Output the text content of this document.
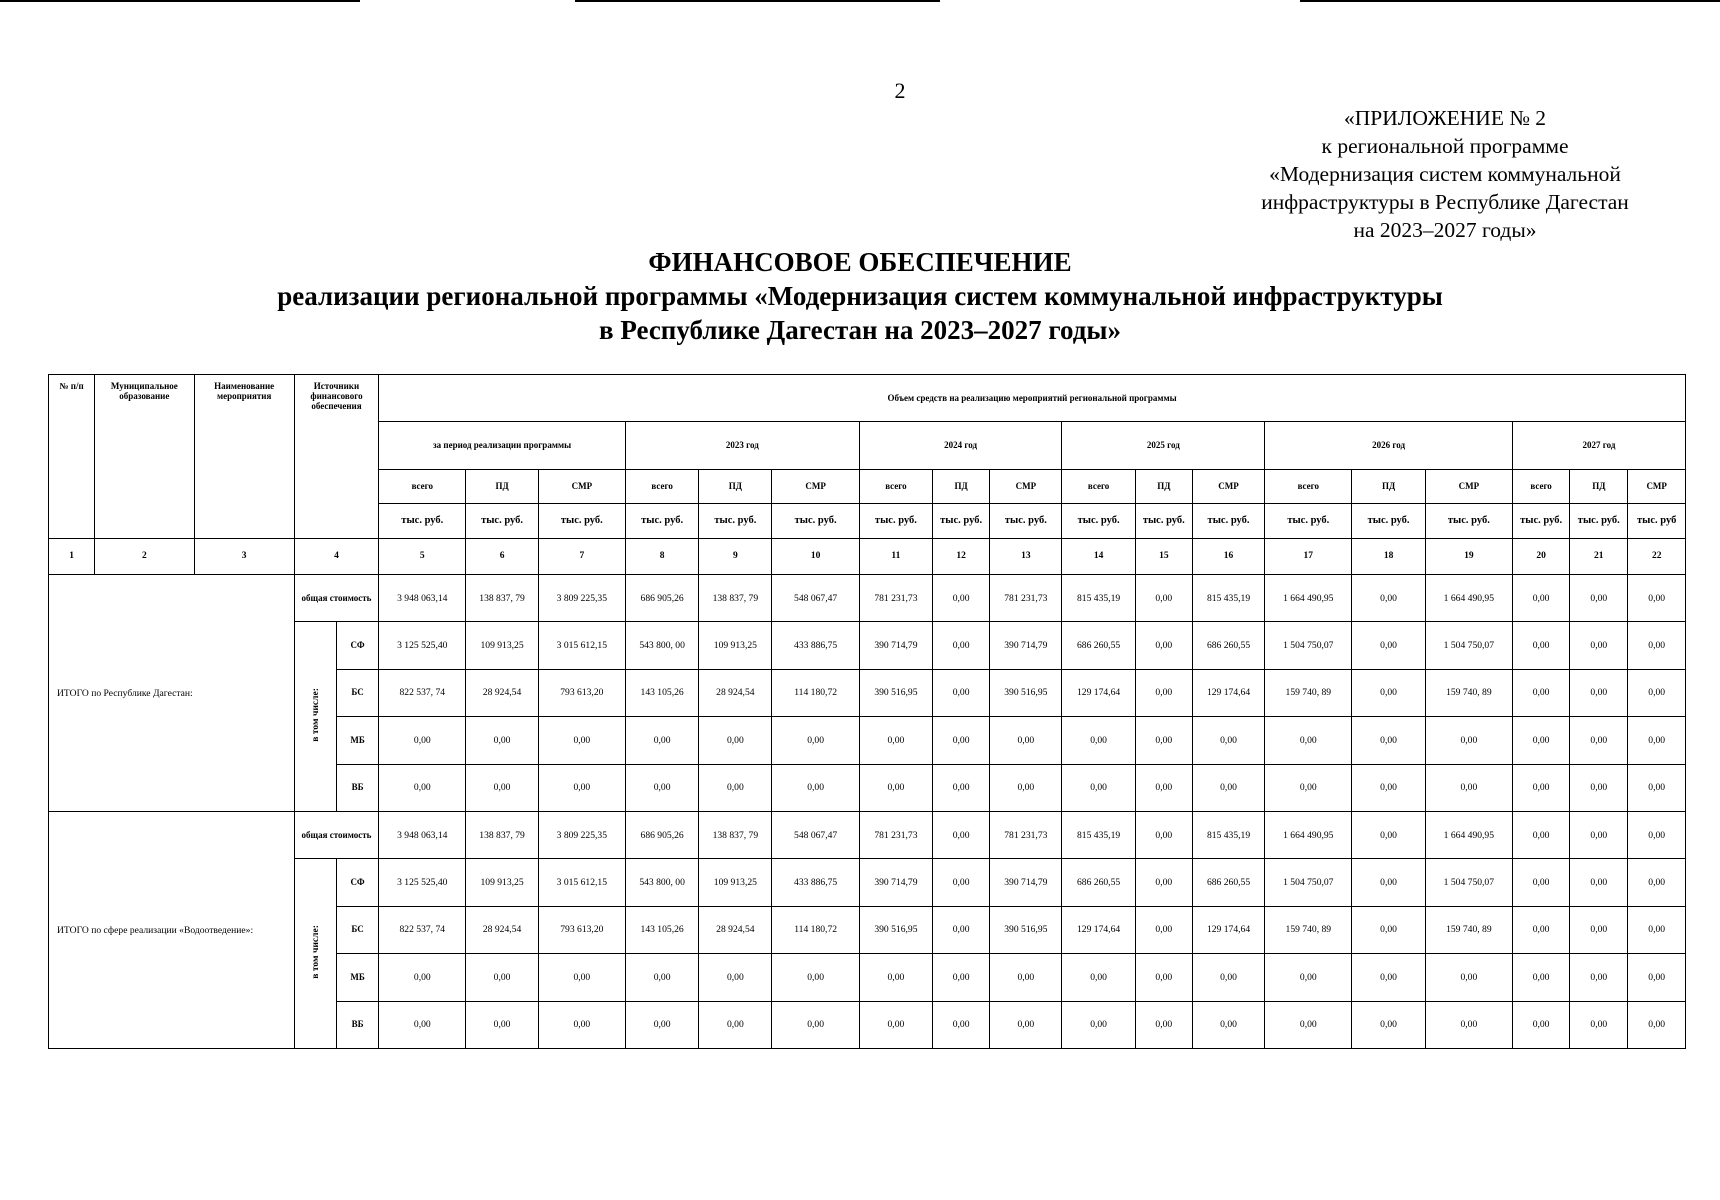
2
«ПРИЛОЖЕНИЕ № 2
к региональной программе
«Модернизация систем коммунальной
инфраструктуры в Республике Дагестан
на 2023–2027 годы»
ФИНАНСОВОЕ ОБЕСПЕЧЕНИЕ
реализации региональной программы «Модернизация систем коммунальной инфраструктуры
в Республике Дагестан на 2023–2027 годы»
№ п/п	Муниципальное образование	Наименование мероприятия	Источники финансового обеспечения		Объем средств на реализацию мероприятий региональной программы																	
					за период реализации программы			2023 год			2024 год			2025 год			2026 год			2027 год		
					всего	ПД	СМР	всего	ПД	СМР	всего	ПД	СМР	всего	ПД	СМР	всего	ПД	СМР	всего	ПД	СМР
					тыс. руб.	тыс. руб.	тыс. руб.	тыс. руб.	тыс. руб.	тыс. руб.	тыс. руб.	тыс. руб.	тыс. руб.	тыс. руб.	тыс. руб.	тыс. руб.	тыс. руб.	тыс. руб.	тыс. руб.	тыс. руб.	тыс. руб.	тыс. руб
1	2	3	4		5	6	7	8	9	10	11	12	13	14	15	16	17	18	19	20	21	22
ИТОГО по Республике Дагестан:			общая стоимость		3 948 063,14	138 837, 79	3 809 225,35	686 905,26	138 837, 79	548 067,47	781 231,73	0,00	781 231,73	815 435,19	0,00	815 435,19	1 664 490,95	0,00	1 664 490,95	0,00	0,00	0,00
			в том числе:	СФ	3 125 525,40	109 913,25	3 015 612,15	543 800, 00	109 913,25	433 886,75	390 714,79	0,00	390 714,79	686 260,55	0,00	686 260,55	1 504 750,07	0,00	1 504 750,07	0,00	0,00	0,00
				БС	822 537, 74	28 924,54	793 613,20	143 105,26	28 924,54	114 180,72	390 516,95	0,00	390 516,95	129 174,64	0,00	129 174,64	159 740, 89	0,00	159 740, 89	0,00	0,00	0,00
				МБ	0,00	0,00	0,00	0,00	0,00	0,00	0,00	0,00	0,00	0,00	0,00	0,00	0,00	0,00	0,00	0,00	0,00	0,00
				ВБ	0,00	0,00	0,00	0,00	0,00	0,00	0,00	0,00	0,00	0,00	0,00	0,00	0,00	0,00	0,00	0,00	0,00	0,00
ИТОГО по сфере реализации «Водоотведение»:			общая стоимость		3 948 063,14	138 837, 79	3 809 225,35	686 905,26	138 837, 79	548 067,47	781 231,73	0,00	781 231,73	815 435,19	0,00	815 435,19	1 664 490,95	0,00	1 664 490,95	0,00	0,00	0,00
			в том числе:	СФ	3 125 525,40	109 913,25	3 015 612,15	543 800, 00	109 913,25	433 886,75	390 714,79	0,00	390 714,79	686 260,55	0,00	686 260,55	1 504 750,07	0,00	1 504 750,07	0,00	0,00	0,00
				БС	822 537, 74	28 924,54	793 613,20	143 105,26	28 924,54	114 180,72	390 516,95	0,00	390 516,95	129 174,64	0,00	129 174,64	159 740, 89	0,00	159 740, 89	0,00	0,00	0,00
				МБ	0,00	0,00	0,00	0,00	0,00	0,00	0,00	0,00	0,00	0,00	0,00	0,00	0,00	0,00	0,00	0,00	0,00	0,00
				ВБ	0,00	0,00	0,00	0,00	0,00	0,00	0,00	0,00	0,00	0,00	0,00	0,00	0,00	0,00	0,00	0,00	0,00	0,00
